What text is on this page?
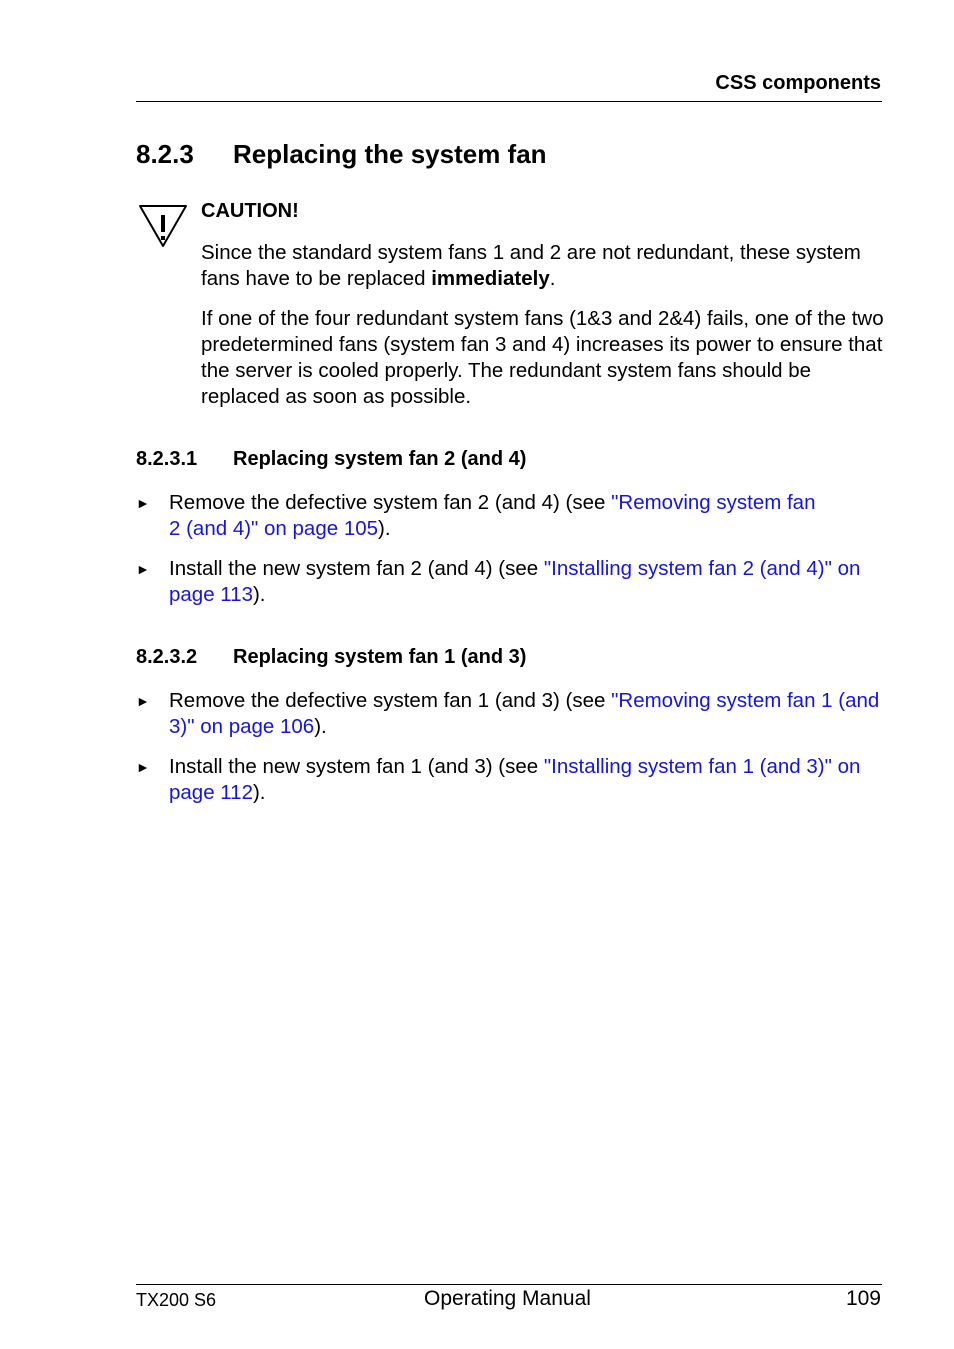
CSS components
8.2.3 Replacing the system fan
CAUTION!
Since the standard system fans 1 and 2 are not redundant, these system fans have to be replaced immediately.
If one of the four redundant system fans (1&3 and 2&4) fails, one of the two predetermined fans (system fan 3 and 4) increases its power to ensure that the server is cooled properly. The redundant system fans should be replaced as soon as possible.
8.2.3.1 Replacing system fan 2 (and 4)
► Remove the defective system fan 2 (and 4) (see "Removing system fan 2 (and 4)" on page 105).
► Install the new system fan 2 (and 4) (see "Installing system fan 2 (and 4)" on page 113).
8.2.3.2 Replacing system fan 1 (and 3)
► Remove the defective system fan 1 (and 3) (see "Removing system fan 1 (and 3)" on page 106).
► Install the new system fan 1 (and 3) (see "Installing system fan 1 (and 3)" on page 112).
TX200 S6	Operating Manual	109
